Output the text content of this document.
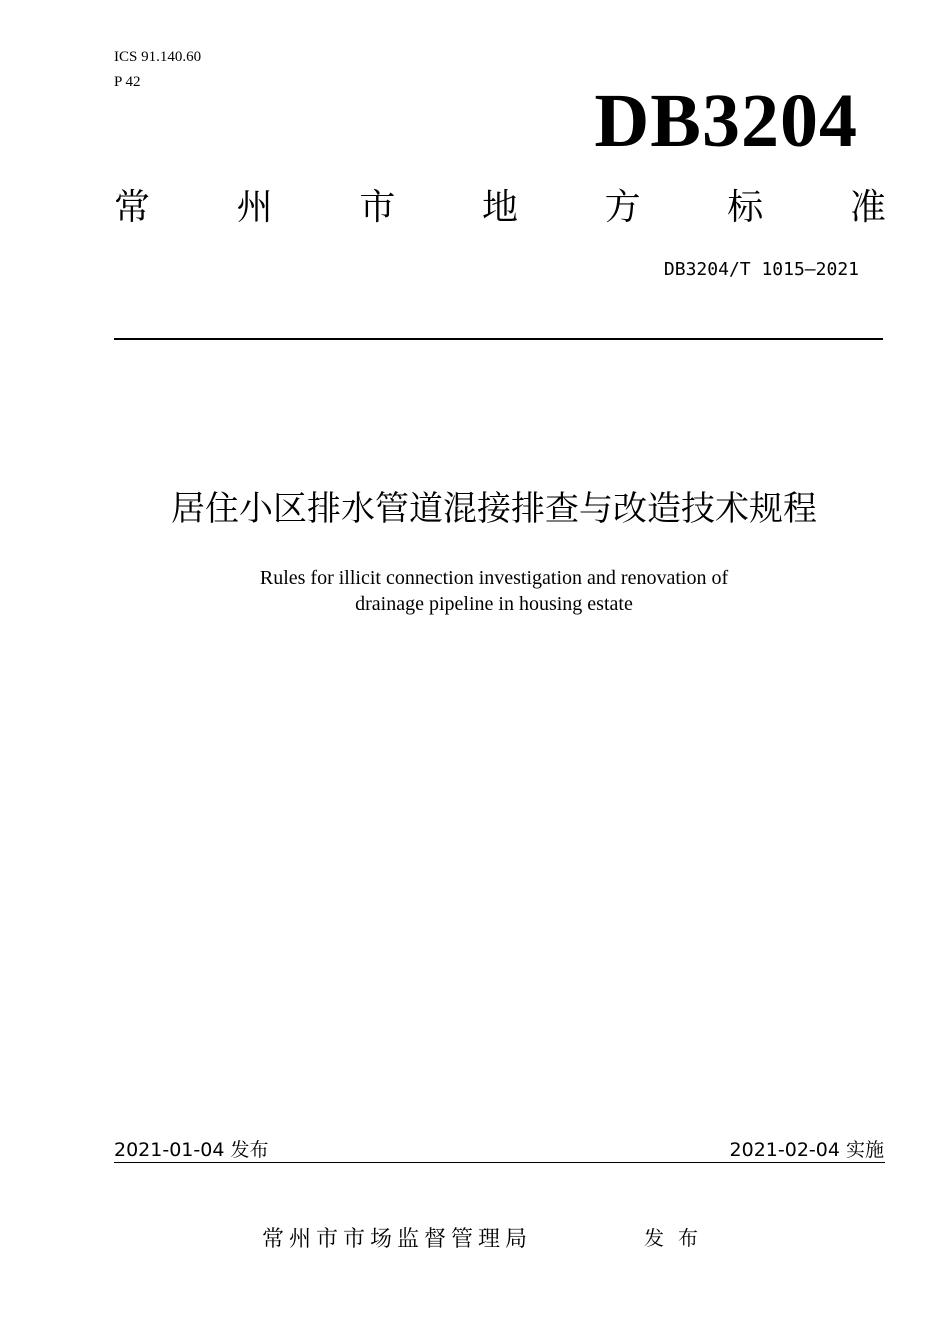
ICS 91.140.60
P 42	DB3204
常 州 市 地 方 标 准
DB3204/T 1015—2021
居住小区排水管道混接排查与改造技术规程
Rules for illicit connection investigation and renovation of
drainage pipeline in housing estate
2021-01-04 发布	2021-02-04 实施
常州市市场监督管理局	发布
